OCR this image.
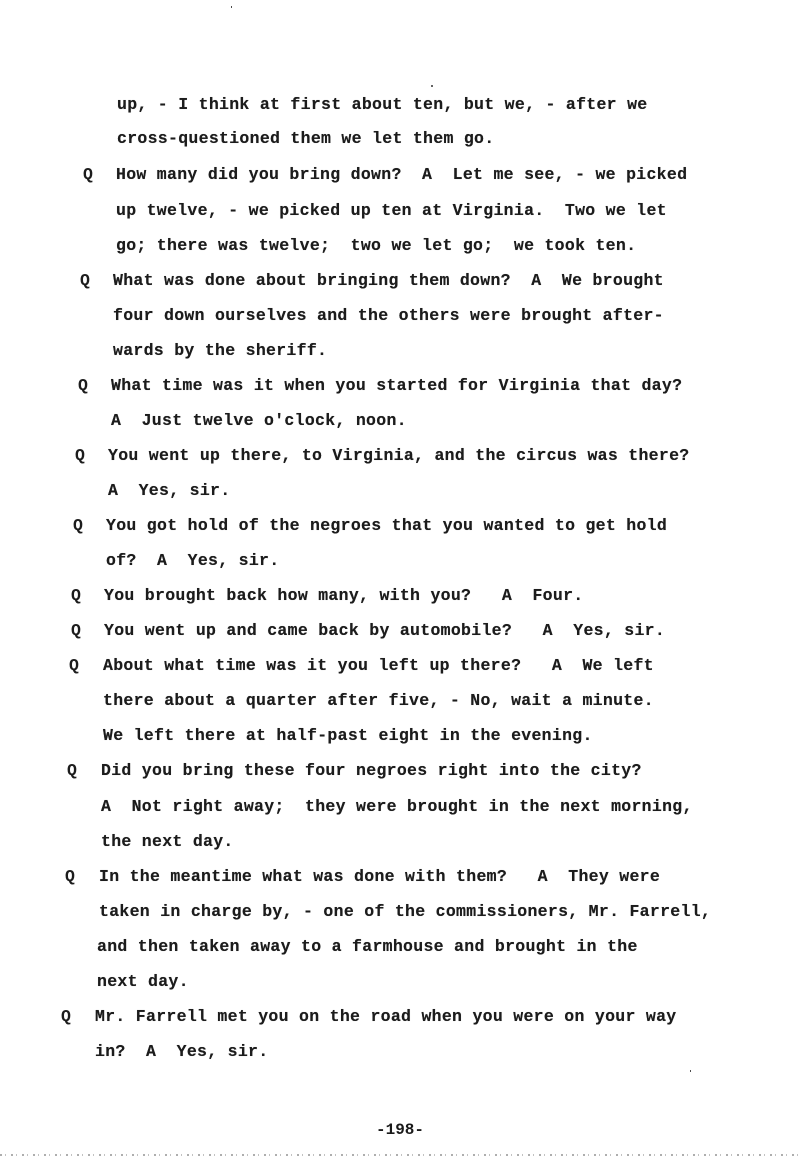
up, - I think at first about ten, but we, - after we
cross-questioned them we let them go.
Q How many did you bring down?  A  Let me see, - we picked
up twelve, - we picked up ten at Virginia.  Two we let
go; there was twelve;  two we let go;  we took ten.
Q What was done about bringing them down?  A  We brought
four down ourselves and the others were brought after-
wards by the sheriff.
Q What time was it when you started for Virginia that day?
A  Just twelve o'clock, noon.
Q You went up there, to Virginia, and the circus was there?
A  Yes, sir.
Q You got hold of the negroes that you wanted to get hold
of?  A  Yes, sir.
Q You brought back how many, with you?   A  Four.
Q You went up and came back by automobile?   A  Yes, sir.
Q About what time was it you left up there?   A  We left
there about a quarter after five, - No, wait a minute.
We left there at half-past eight in the evening.
Q Did you bring these four negroes right into the city?
A  Not right away;  they were brought in the next morning,
the next day.
Q In the meantime what was done with them?   A  They were
taken in charge by, - one of the commissioners, Mr. Farrell,
and then taken away to a farmhouse and brought in the
next day.
Q Mr. Farrell met you on the road when you were on your way
in?  A  Yes, sir.
-198-
